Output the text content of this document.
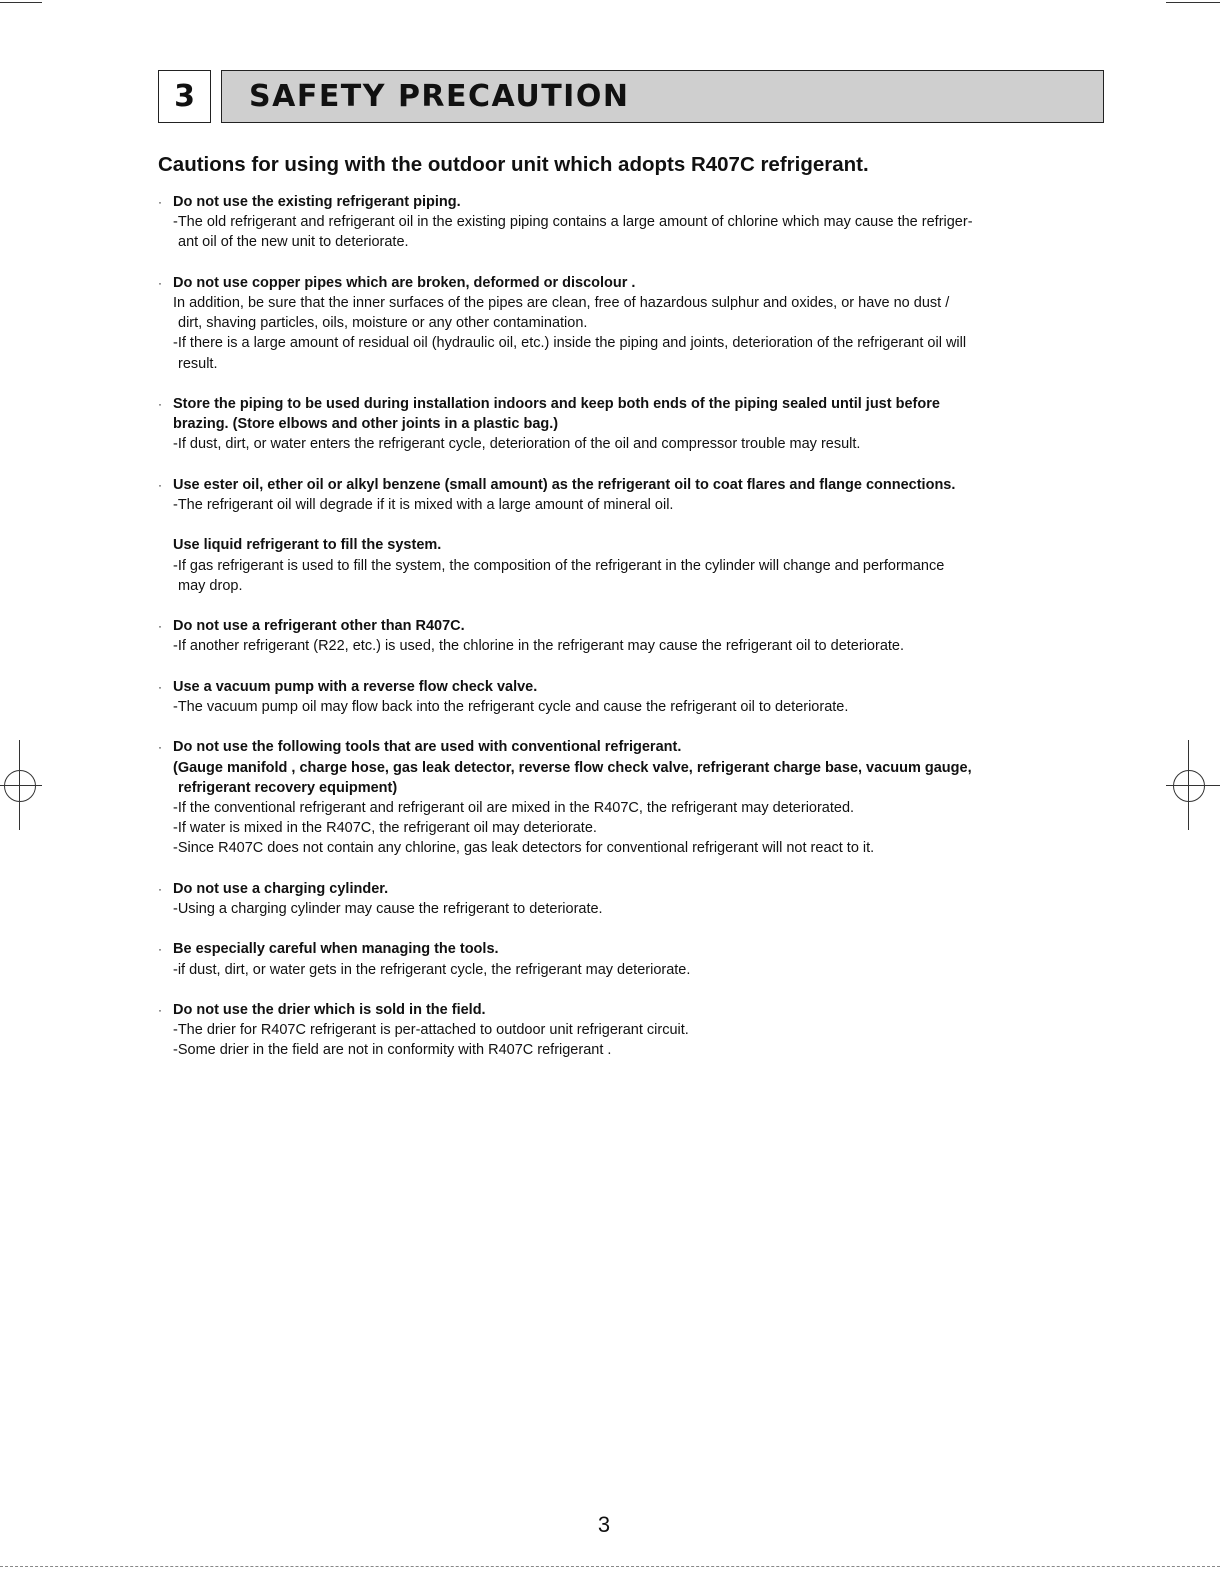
3	SAFETY PRECAUTION
Cautions for using with the outdoor unit which adopts R407C refrigerant.
· Do not use the existing refrigerant piping.
-The old refrigerant and refrigerant oil in the existing piping contains a large amount of chlorine which may cause the refriger-
ant oil of the new unit to deteriorate.
· Do not use copper pipes which are broken, deformed or discolour .
In addition, be sure that the inner surfaces of the pipes are clean, free of hazardous sulphur and oxides, or have no dust /
dirt, shaving particles, oils, moisture or any other contamination.
-If there is a large amount of residual oil (hydraulic oil, etc.) inside the piping and joints, deterioration of the refrigerant oil will
result.
· Store the piping to be used during installation indoors and keep both ends of the piping sealed until just before
brazing. (Store elbows and other joints in a plastic bag.)
-If dust, dirt, or water enters the refrigerant cycle, deterioration of the oil and compressor trouble may result.
· Use ester oil, ether oil or alkyl benzene (small amount) as the refrigerant oil to coat flares and flange connections.
-The refrigerant oil will degrade if it is mixed with a large amount of mineral oil.
Use liquid refrigerant to fill the system.
-If gas refrigerant is used to fill the system, the composition of the refrigerant in the cylinder will change and performance
may drop.
· Do not use a refrigerant other than R407C.
-If another refrigerant (R22, etc.) is used, the chlorine in the refrigerant may cause the refrigerant oil to deteriorate.
· Use a vacuum pump with a reverse flow check valve.
-The vacuum pump oil may flow back into the refrigerant cycle and cause the refrigerant oil to deteriorate.
· Do not use the following tools that are used with conventional refrigerant.
(Gauge manifold , charge hose, gas leak detector, reverse flow check valve, refrigerant charge base, vacuum gauge,
refrigerant recovery equipment)
-If the conventional refrigerant and refrigerant oil are mixed in the R407C, the refrigerant may deteriorated.
-If water is mixed in the R407C, the refrigerant oil may deteriorate.
-Since R407C does not contain any chlorine, gas leak detectors for conventional refrigerant will not react to it.
· Do not use a charging cylinder.
-Using a charging cylinder may cause the refrigerant to deteriorate.
· Be especially careful when managing the tools.
-if dust, dirt, or water gets in the refrigerant cycle, the refrigerant may deteriorate.
· Do not use the drier which is sold in the field.
-The drier for R407C refrigerant is per-attached to outdoor unit refrigerant circuit.
-Some drier in the field are not in conformity with R407C refrigerant .
3
